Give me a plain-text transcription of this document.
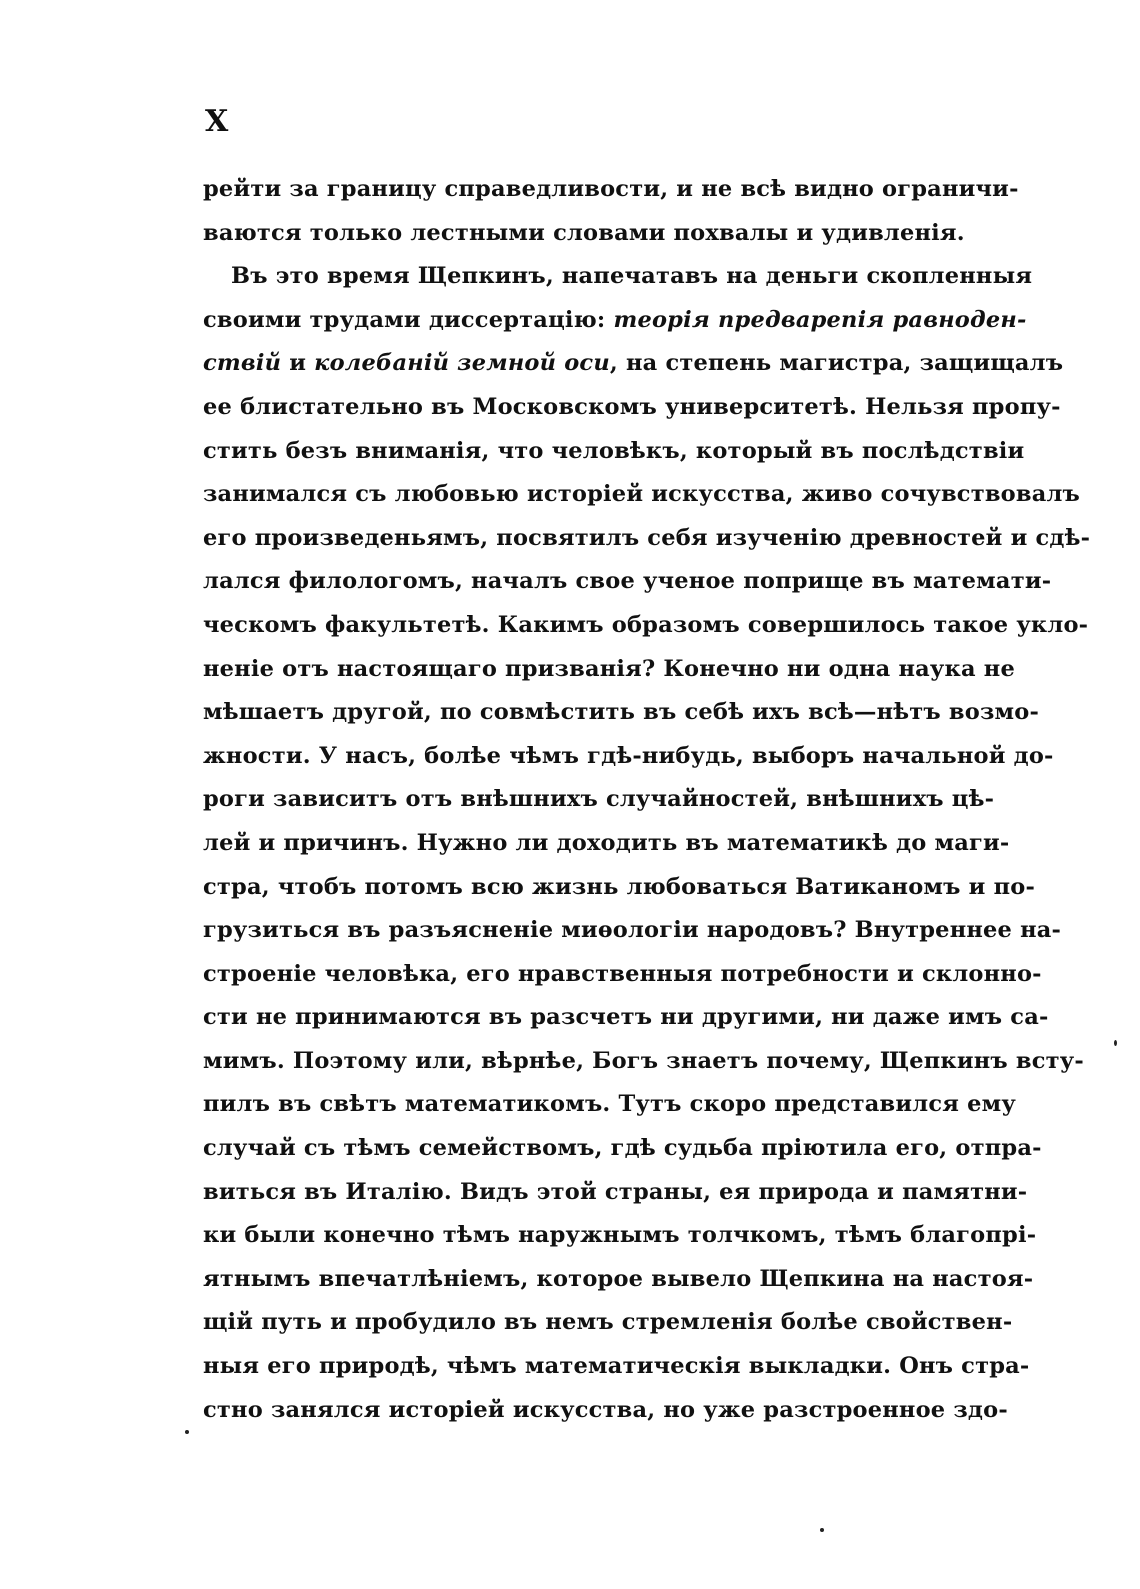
X
рейти за границу справедливости, и не всѣ видно ограничи-
ваются только лестными словами похвалы и удивленія.
Въ это время Щепкинъ, напечатавъ на деньги скопленныя
своими трудами диссертацію: теорія предварепія равноден-
ствій и колебаній земной оси, на степень магистра, защищалъ
ее блистательно въ Московскомъ университетѣ. Нельзя пропу-
стить безъ вниманія, что человѣкъ, который въ послѣдствіи
занимался съ любовью исторіей искусства, живо сочувствовалъ
его произведеньямъ, посвятилъ себя изученію древностей и сдѣ-
лался филологомъ, началъ свое ученое поприще въ математи-
ческомъ факультетѣ. Какимъ образомъ совершилось такое укло-
неніе отъ настоящаго призванія? Конечно ни одна наука не
мѣшаетъ другой, по совмѣстить въ себѣ ихъ всѣ—нѣтъ возмо-
жности. У насъ, болѣе чѣмъ гдѣ-нибудь, выборъ начальной до-
роги зависитъ отъ внѣшнихъ случайностей, внѣшнихъ цѣ-
лей и причинъ. Нужно ли доходить въ математикѣ до маги-
стра, чтобъ потомъ всю жизнь любоваться Ватиканомъ и по-
грузиться въ разъясненіе миѳологіи народовъ? Внутреннее на-
строеніе человѣка, его нравственныя потребности и склонно-
сти не принимаются въ разсчетъ ни другими, ни даже имъ са-
мимъ. Поэтому или, вѣрнѣе, Богъ знаетъ почему, Щепкинъ всту-
пилъ въ свѣтъ математикомъ. Тутъ скоро представился ему
случай съ тѣмъ семействомъ, гдѣ судьба пріютила его, отпра-
виться въ Италію. Видъ этой страны, ея природа и памятни-
ки были конечно тѣмъ наружнымъ толчкомъ, тѣмъ благопрі-
ятнымъ впечатлѣніемъ, которое вывело Щепкина на настоя-
щій путь и пробудило въ немъ стремленія болѣе свойствен-
ныя его природѣ, чѣмъ математическія выкладки. Онъ стра-
стно занялся исторіей искусства, но уже разстроенное здо-
